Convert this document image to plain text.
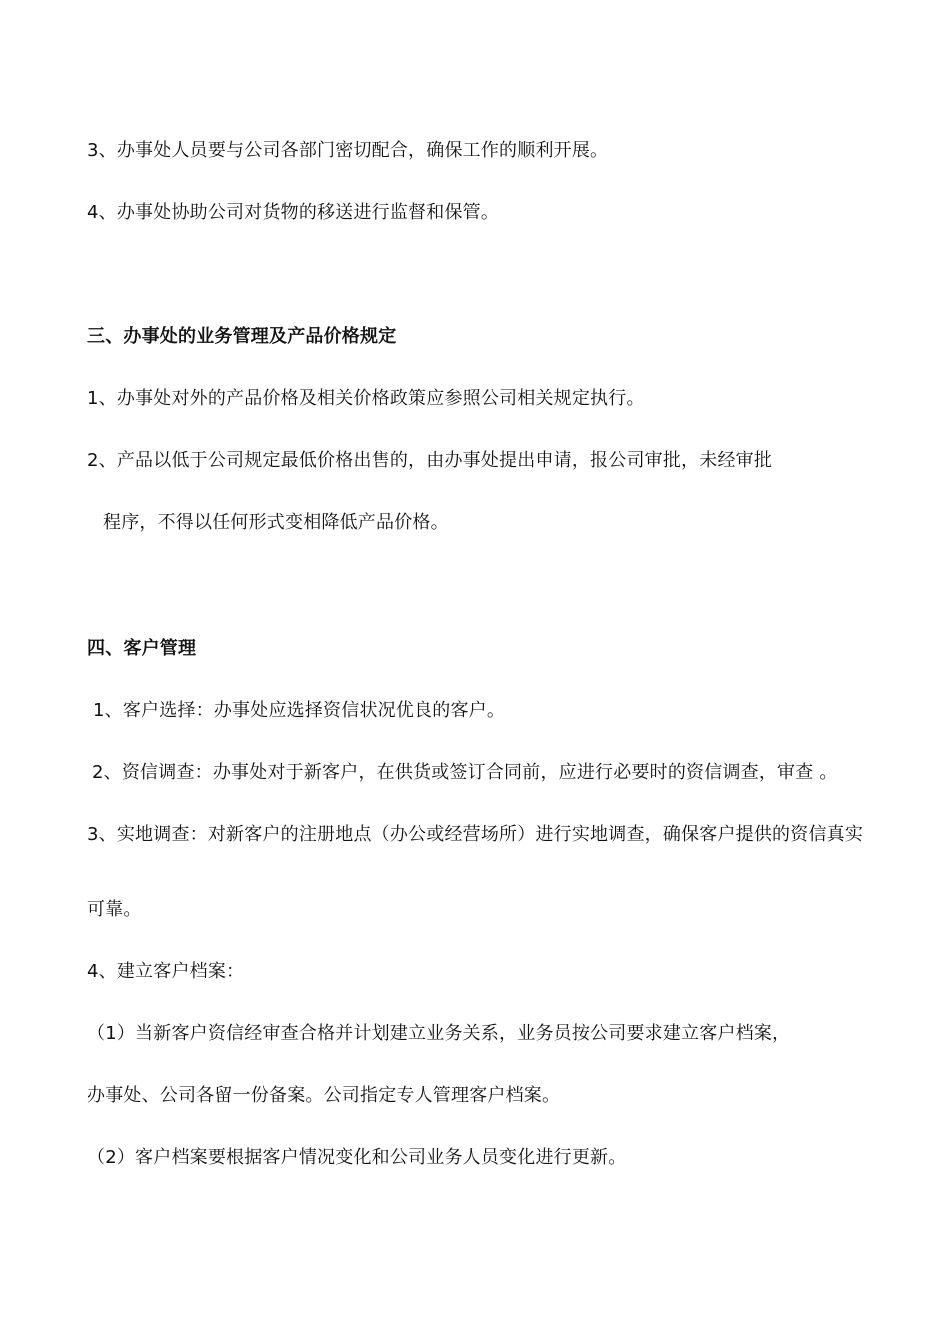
3、办事处人员要与公司各部门密切配合，确保工作的顺利开展。
4、办事处协助公司对货物的移送进行监督和保管。
三、办事处的业务管理及产品价格规定
1、办事处对外的产品价格及相关价格政策应参照公司相关规定执行。
2、产品以低于公司规定最低价格出售的，由办事处提出申请，报公司审批，未经审批
程序，不得以任何形式变相降低产品价格。
四、客户管理
1、客户选择：办事处应选择资信状况优良的客户。
2、资信调查：办事处对于新客户，在供货或签订合同前，应进行必要时的资信调查，审查 。
3、实地调查：对新客户的注册地点（办公或经营场所）进行实地调查，确保客户提供的资信真实
可靠。
4、建立客户档案：
（1）当新客户资信经审查合格并计划建立业务关系，业务员按公司要求建立客户档案，
办事处、公司各留一份备案。公司指定专人管理客户档案。
（2）客户档案要根据客户情况变化和公司业务人员变化进行更新。
